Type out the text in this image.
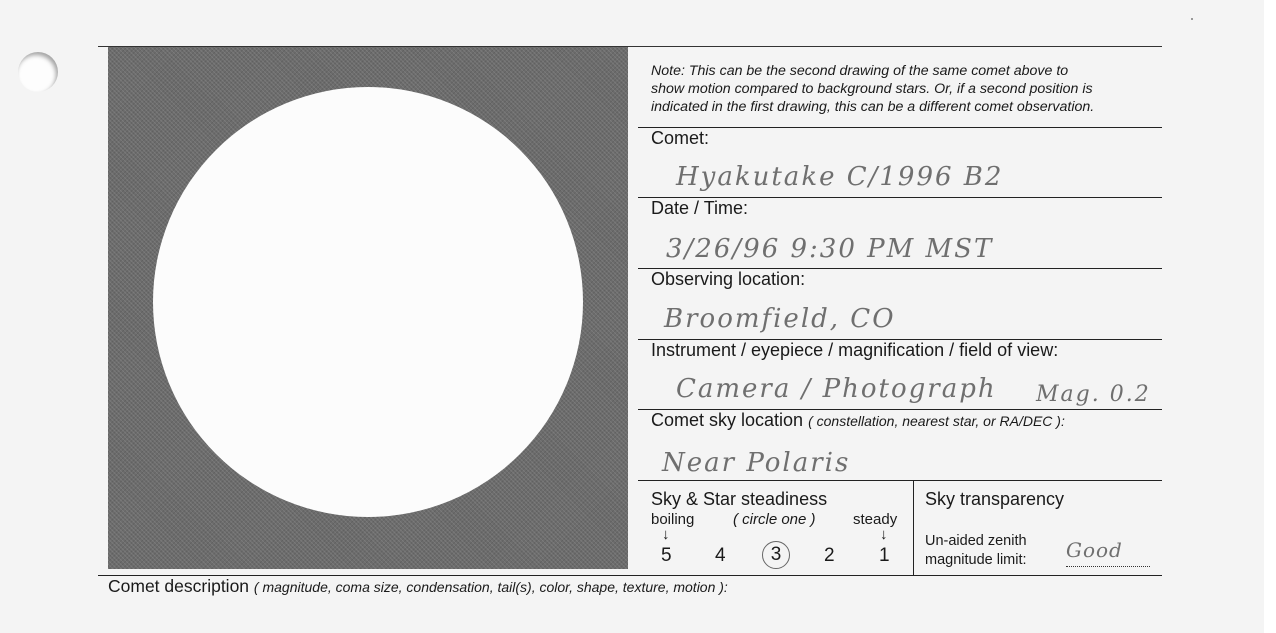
Note: This can be the second drawing of the same comet above to
show motion compared to background stars. Or, if a second position is
indicated in the first drawing, this can be a different comet observation.
Comet:
Hyakutake C/1996 B2
Date / Time:
3/26/96 9:30 PM MST
Observing location:
Broomfield, CO
Instrument / eyepiece / magnification / field of view:
Camera / Photograph Mag. 0.2
Comet sky location ( constellation, nearest star, or RA/DEC ):
Near Polaris
Sky & Star steadiness
boiling	( circle one ) steady
↓	↓
5 4	3	2 1
Sky transparency
Un-aided zenith
magnitude limit: Good
Comet description ( magnitude, coma size, condensation, tail(s), color, shape, texture, motion ):
